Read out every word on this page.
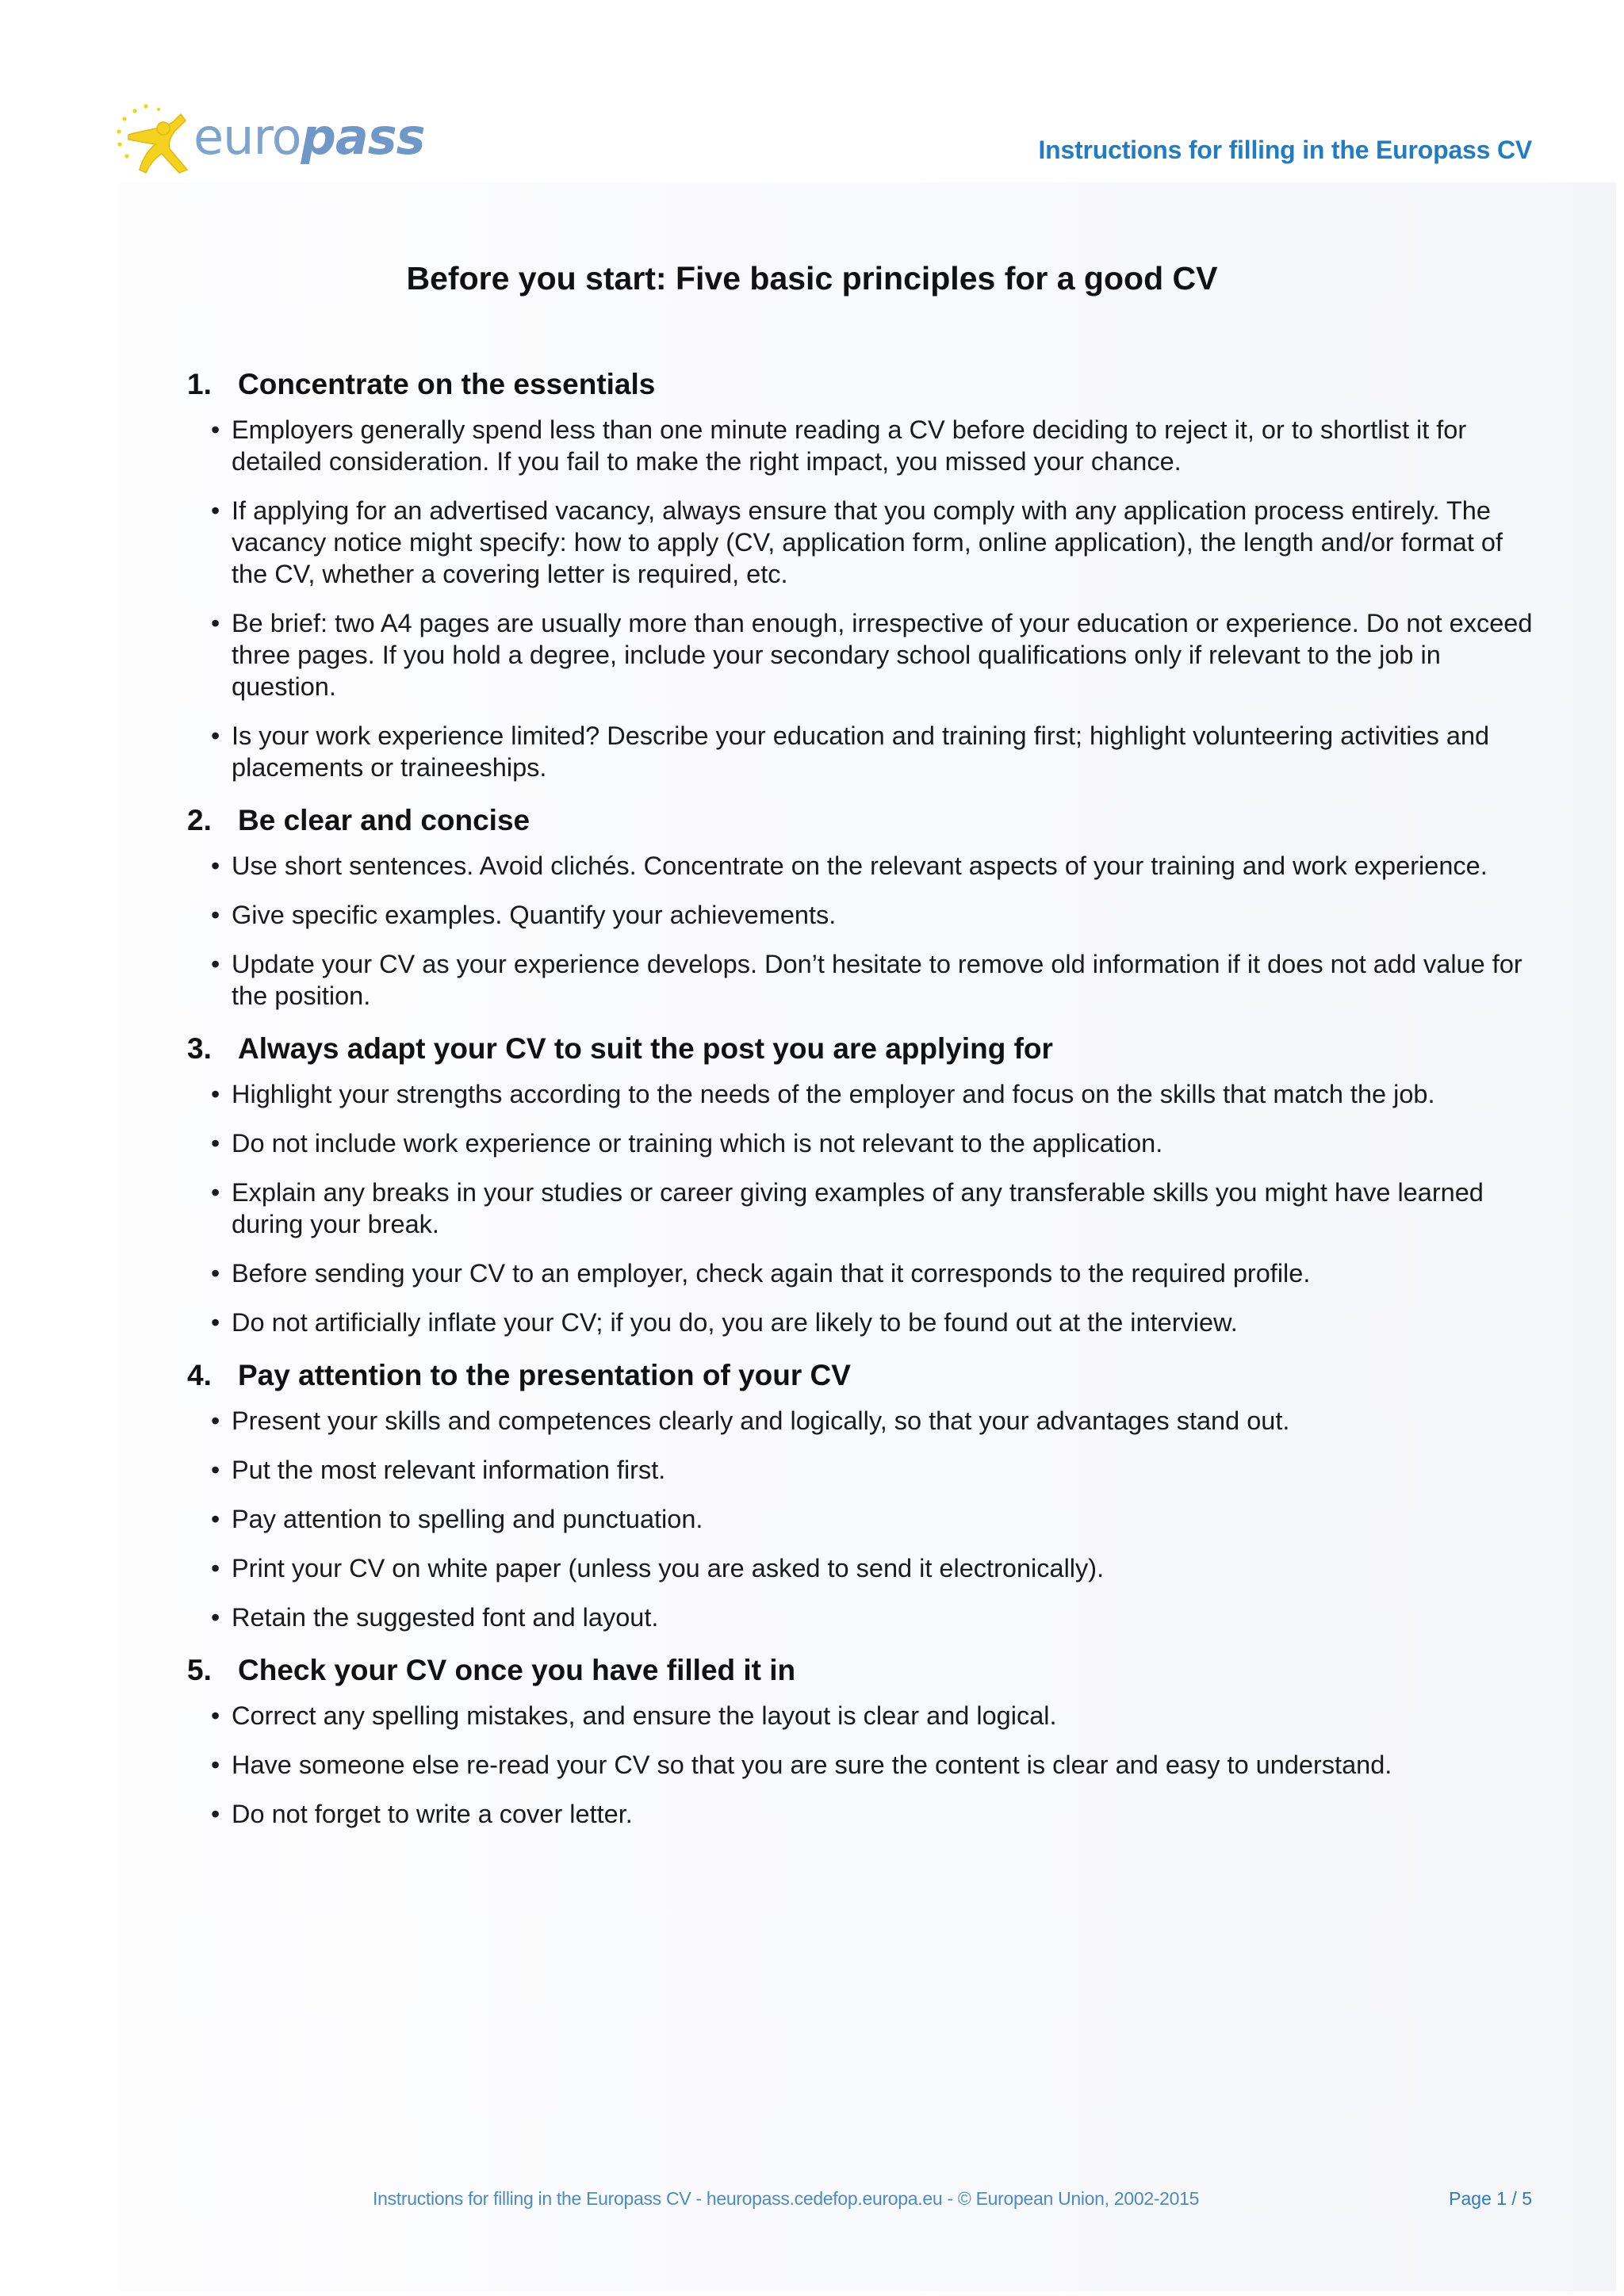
europass	Instructions for filling in the Europass CV
Before you start: Five basic principles for a good CV
1. Concentrate on the essentials
• Employers generally spend less than one minute reading a CV before deciding to reject it, or to shortlist it for detailed consideration. If you fail to make the right impact, you missed your chance.
• If applying for an advertised vacancy, always ensure that you comply with any application process entirely. The vacancy notice might specify: how to apply (CV, application form, online application), the length and/or format of the CV, whether a covering letter is required, etc.
• Be brief: two A4 pages are usually more than enough, irrespective of your education or experience. Do not exceed three pages. If you hold a degree, include your secondary school qualifications only if relevant to the job in question.
• Is your work experience limited? Describe your education and training first; highlight volunteering activities and placements or traineeships.
2. Be clear and concise
• Use short sentences. Avoid clichés. Concentrate on the relevant aspects of your training and work experience.
• Give specific examples. Quantify your achievements.
• Update your CV as your experience develops. Don’t hesitate to remove old information if it does not add value for the position.
3. Always adapt your CV to suit the post you are applying for
• Highlight your strengths according to the needs of the employer and focus on the skills that match the job.
• Do not include work experience or training which is not relevant to the application.
• Explain any breaks in your studies or career giving examples of any transferable skills you might have learned during your break.
• Before sending your CV to an employer, check again that it corresponds to the required profile.
• Do not artificially inflate your CV; if you do, you are likely to be found out at the interview.
4. Pay attention to the presentation of your CV
• Present your skills and competences clearly and logically, so that your advantages stand out.
• Put the most relevant information first.
• Pay attention to spelling and punctuation.
• Print your CV on white paper (unless you are asked to send it electronically).
• Retain the suggested font and layout.
5. Check your CV once you have filled it in
• Correct any spelling mistakes, and ensure the layout is clear and logical.
• Have someone else re-read your CV so that you are sure the content is clear and easy to understand.
• Do not forget to write a cover letter.
Instructions for filling in the Europass CV - heuropass.cedefop.europa.eu - © European Union, 2002-2015	Page 1 / 5
